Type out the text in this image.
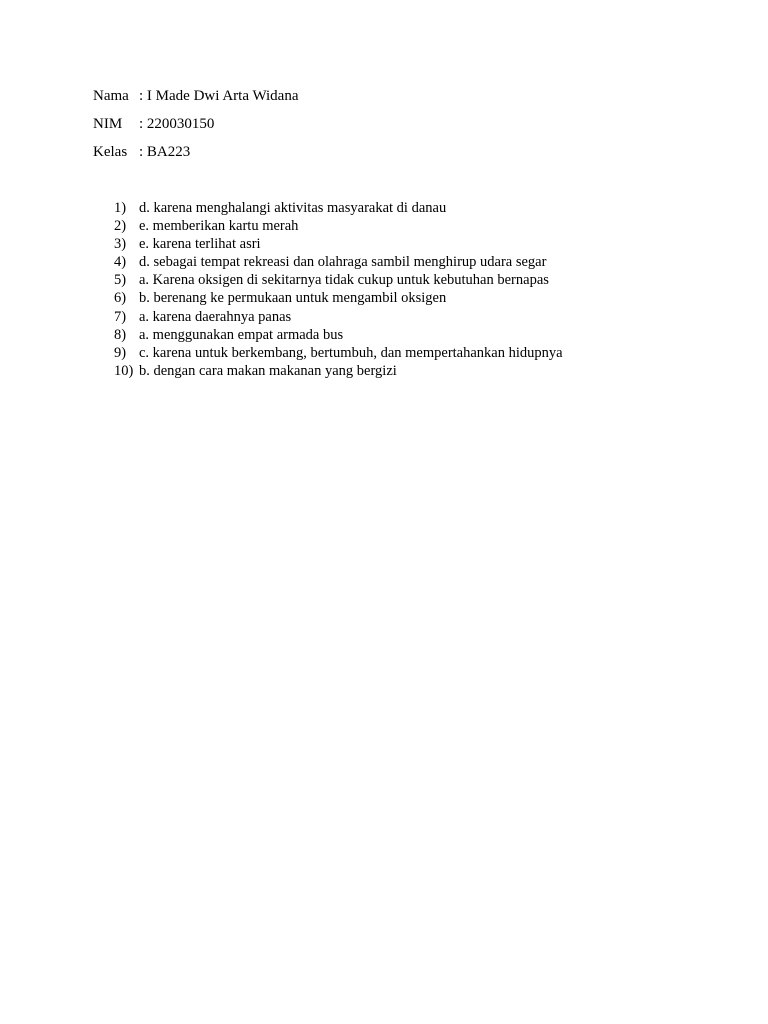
Nama : I Made Dwi Arta Widana
NIM	: 220030150
Kelas : BA223
1) d. karena menghalangi aktivitas masyarakat di danau
2) e. memberikan kartu merah
3) e. karena terlihat asri
4) d. sebagai tempat rekreasi dan olahraga sambil menghirup udara segar
5) a. Karena oksigen di sekitarnya tidak cukup untuk kebutuhan bernapas
6) b. berenang ke permukaan untuk mengambil oksigen
7) a. karena daerahnya panas
8) a. menggunakan empat armada bus
9) c. karena untuk berkembang, bertumbuh, dan mempertahankan hidupnya
10) b. dengan cara makan makanan yang bergizi
